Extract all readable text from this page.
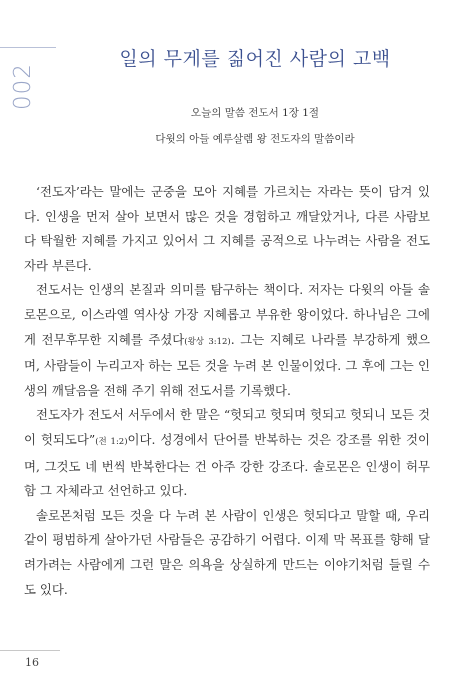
002
일의 무게를 짊어진 사람의 고백
오늘의 말씀 전도서 1장 1절
다윗의 아들 예루살렘 왕 전도자의 말씀이라

‘전도자’라는 말에는 군중을 모아 지혜를 가르치는 자라는 뜻이 담겨 있다. 인생을 먼저 살아 보면서 많은 것을 경험하고 깨달았거나, 다른 사람보다 탁월한 지혜를 가지고 있어서 그 지혜를 공적으로 나누려는 사람을 전도자라 부른다.

전도서는 인생의 본질과 의미를 탐구하는 책이다. 저자는 다윗의 아들 솔로몬으로, 이스라엘 역사상 가장 지혜롭고 부유한 왕이었다. 하나님은 그에게 전무후무한 지혜를 주셨다(왕상 3:12). 그는 지혜로 나라를 부강하게 했으며, 사람들이 누리고자 하는 모든 것을 누려 본 인물이었다. 그 후에 그는 인생의 깨달음을 전해 주기 위해 전도서를 기록했다.

전도자가 전도서 서두에서 한 말은 “헛되고 헛되며 헛되고 헛되니 모든 것이 헛되도다”(전 1:2)이다. 성경에서 단어를 반복하는 것은 강조를 위한 것이며, 그것도 네 번씩 반복한다는 건 아주 강한 강조다. 솔로몬은 인생이 허무함 그 자체라고 선언하고 있다.

솔로몬처럼 모든 것을 다 누려 본 사람이 인생은 헛되다고 말할 때, 우리같이 평범하게 살아가던 사람들은 공감하기 어렵다. 이제 막 목표를 향해 달려가려는 사람에게 그런 말은 의욕을 상실하게 만드는 이야기처럼 들릴 수도 있다.

16
